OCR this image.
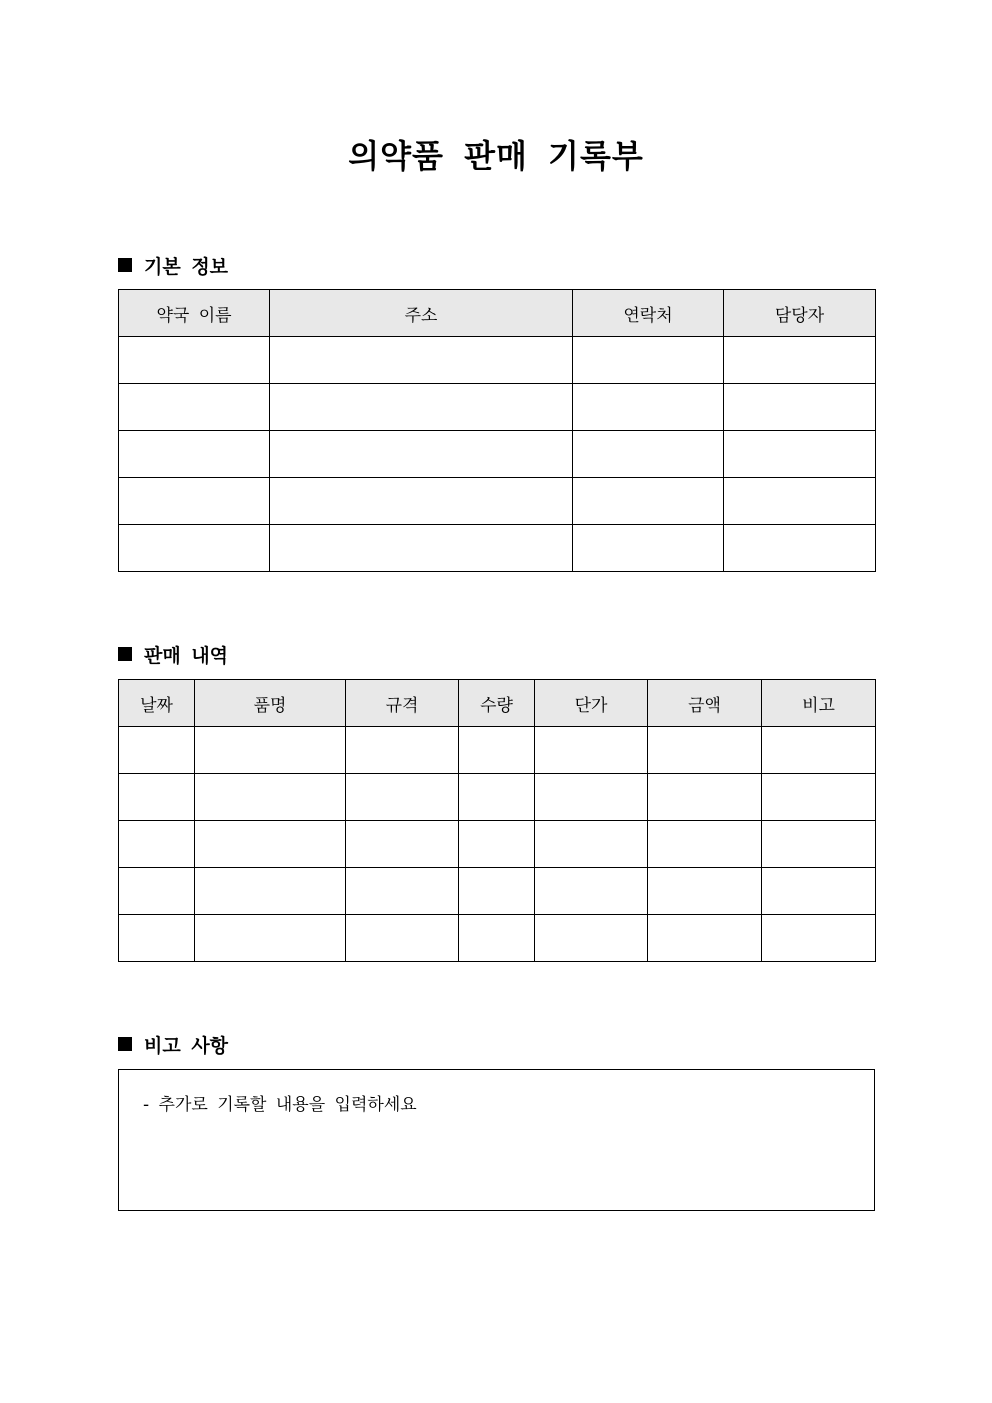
의약품 판매 기록부
기본 정보
약국 이름	주소	연락처	담당자

판매 내역
날짜	품명	규격	수량	단가	금액	비고

비고 사항
- 추가로 기록할 내용을 입력하세요
